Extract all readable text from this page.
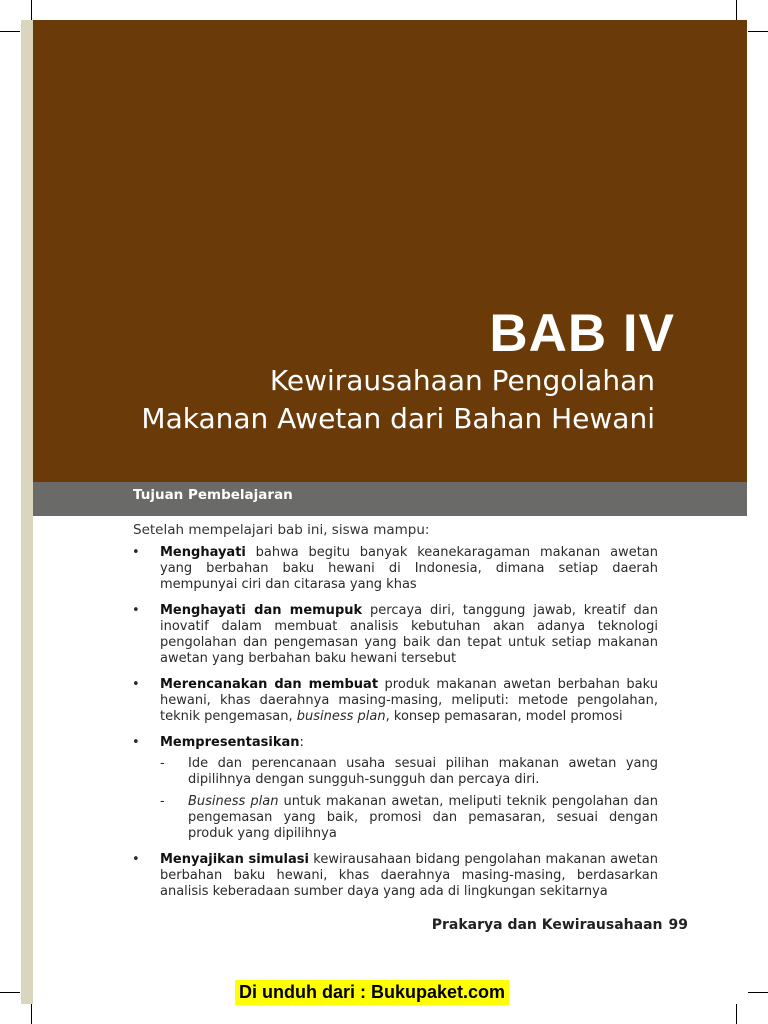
BAB IV
Kewirausahaan Pengolahan
Makanan Awetan dari Bahan Hewani
Tujuan Pembelajaran
Setelah mempelajari bab ini, siswa mampu:
• Menghayati bahwa begitu banyak keanekaragaman makanan awetan yang berbahan baku hewani di Indonesia, dimana setiap daerah mempunyai ciri dan citarasa yang khas
• Menghayati dan memupuk percaya diri, tanggung jawab, kreatif dan inovatif dalam membuat analisis kebutuhan akan adanya teknologi pengolahan dan pengemasan yang baik dan tepat untuk setiap makanan awetan yang berbahan baku hewani tersebut
• Merencanakan dan membuat produk makanan awetan berbahan baku hewani, khas daerahnya masing-masing, meliputi: metode pengolahan, teknik pengemasan, business plan, konsep pemasaran, model promosi
• Mempresentasikan:
- Ide dan perencanaan usaha sesuai pilihan makanan awetan yang dipilihnya dengan sungguh-sungguh dan percaya diri.
- Business plan untuk makanan awetan, meliputi teknik pengolahan dan pengemasan yang baik, promosi dan pemasaran, sesuai dengan produk yang dipilihnya
• Menyajikan simulasi kewirausahaan bidang pengolahan makanan awetan berbahan baku hewani, khas daerahnya masing-masing, berdasarkan analisis keberadaan sumber daya yang ada di lingkungan sekitarnya
Prakarya dan Kewirausahaan 99
Di unduh dari : Bukupaket.com
